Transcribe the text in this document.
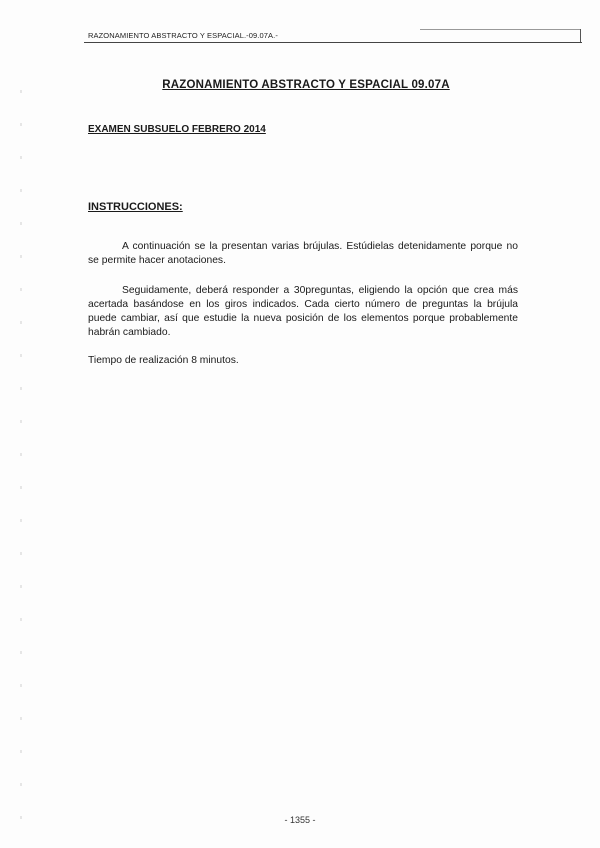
RAZONAMIENTO ABSTRACTO Y ESPACIAL.-09.07A.-
RAZONAMIENTO ABSTRACTO Y ESPACIAL 09.07A
EXAMEN SUBSUELO FEBRERO 2014
INSTRUCCIONES:

A continuación se la presentan varias brújulas. Estúdielas detenidamente porque no se permite hacer anotaciones.

Seguidamente, deberá responder a 30preguntas, eligiendo la opción que crea más acertada basándose en los giros indicados. Cada cierto número de preguntas la brújula puede cambiar, así que estudie la nueva posición de los elementos porque probablemente habrán cambiado.

Tiempo de realización 8 minutos.

- 1355 -
